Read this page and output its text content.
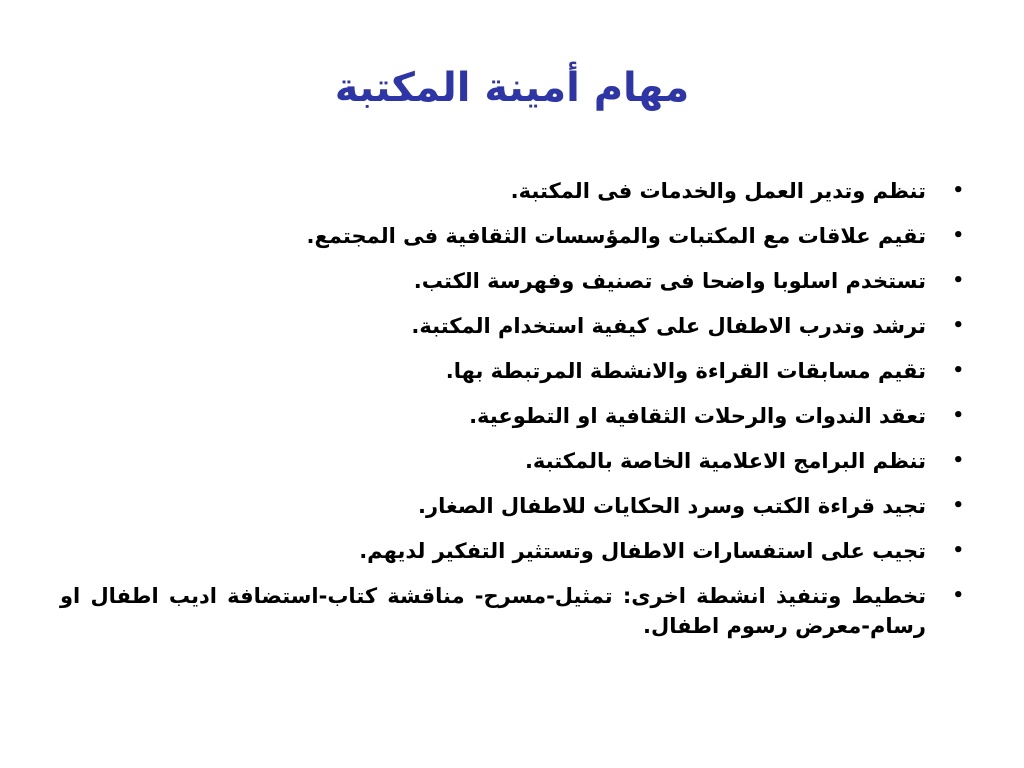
مهام أمينة المكتبة
•
تنظم وتدير العمل والخدمات فى المكتبة.
•
تقيم علاقات مع المكتبات والمؤسسات الثقافية فى المجتمع.
•
تستخدم اسلوبا واضحا فى تصنيف وفهرسة الكتب.
•
ترشد وتدرب الاطفال على كيفية استخدام المكتبة.
•
تقيم مسابقات القراءة والانشطة المرتبطة بها.
•
تعقد الندوات والرحلات الثقافية او التطوعية.
•
تنظم البرامج الاعلامية الخاصة بالمكتبة.
•
تجيد قراءة الكتب وسرد الحكايات للاطفال الصغار.
•
تجيب على استفسارات الاطفال وتستثير التفكير لديهم.
•
تخطيط وتنفيذ انشطة اخرى: تمثيل-مسرح- مناقشة كتاب-استضافة اديب اطفال او رسام-معرض رسوم اطفال.
